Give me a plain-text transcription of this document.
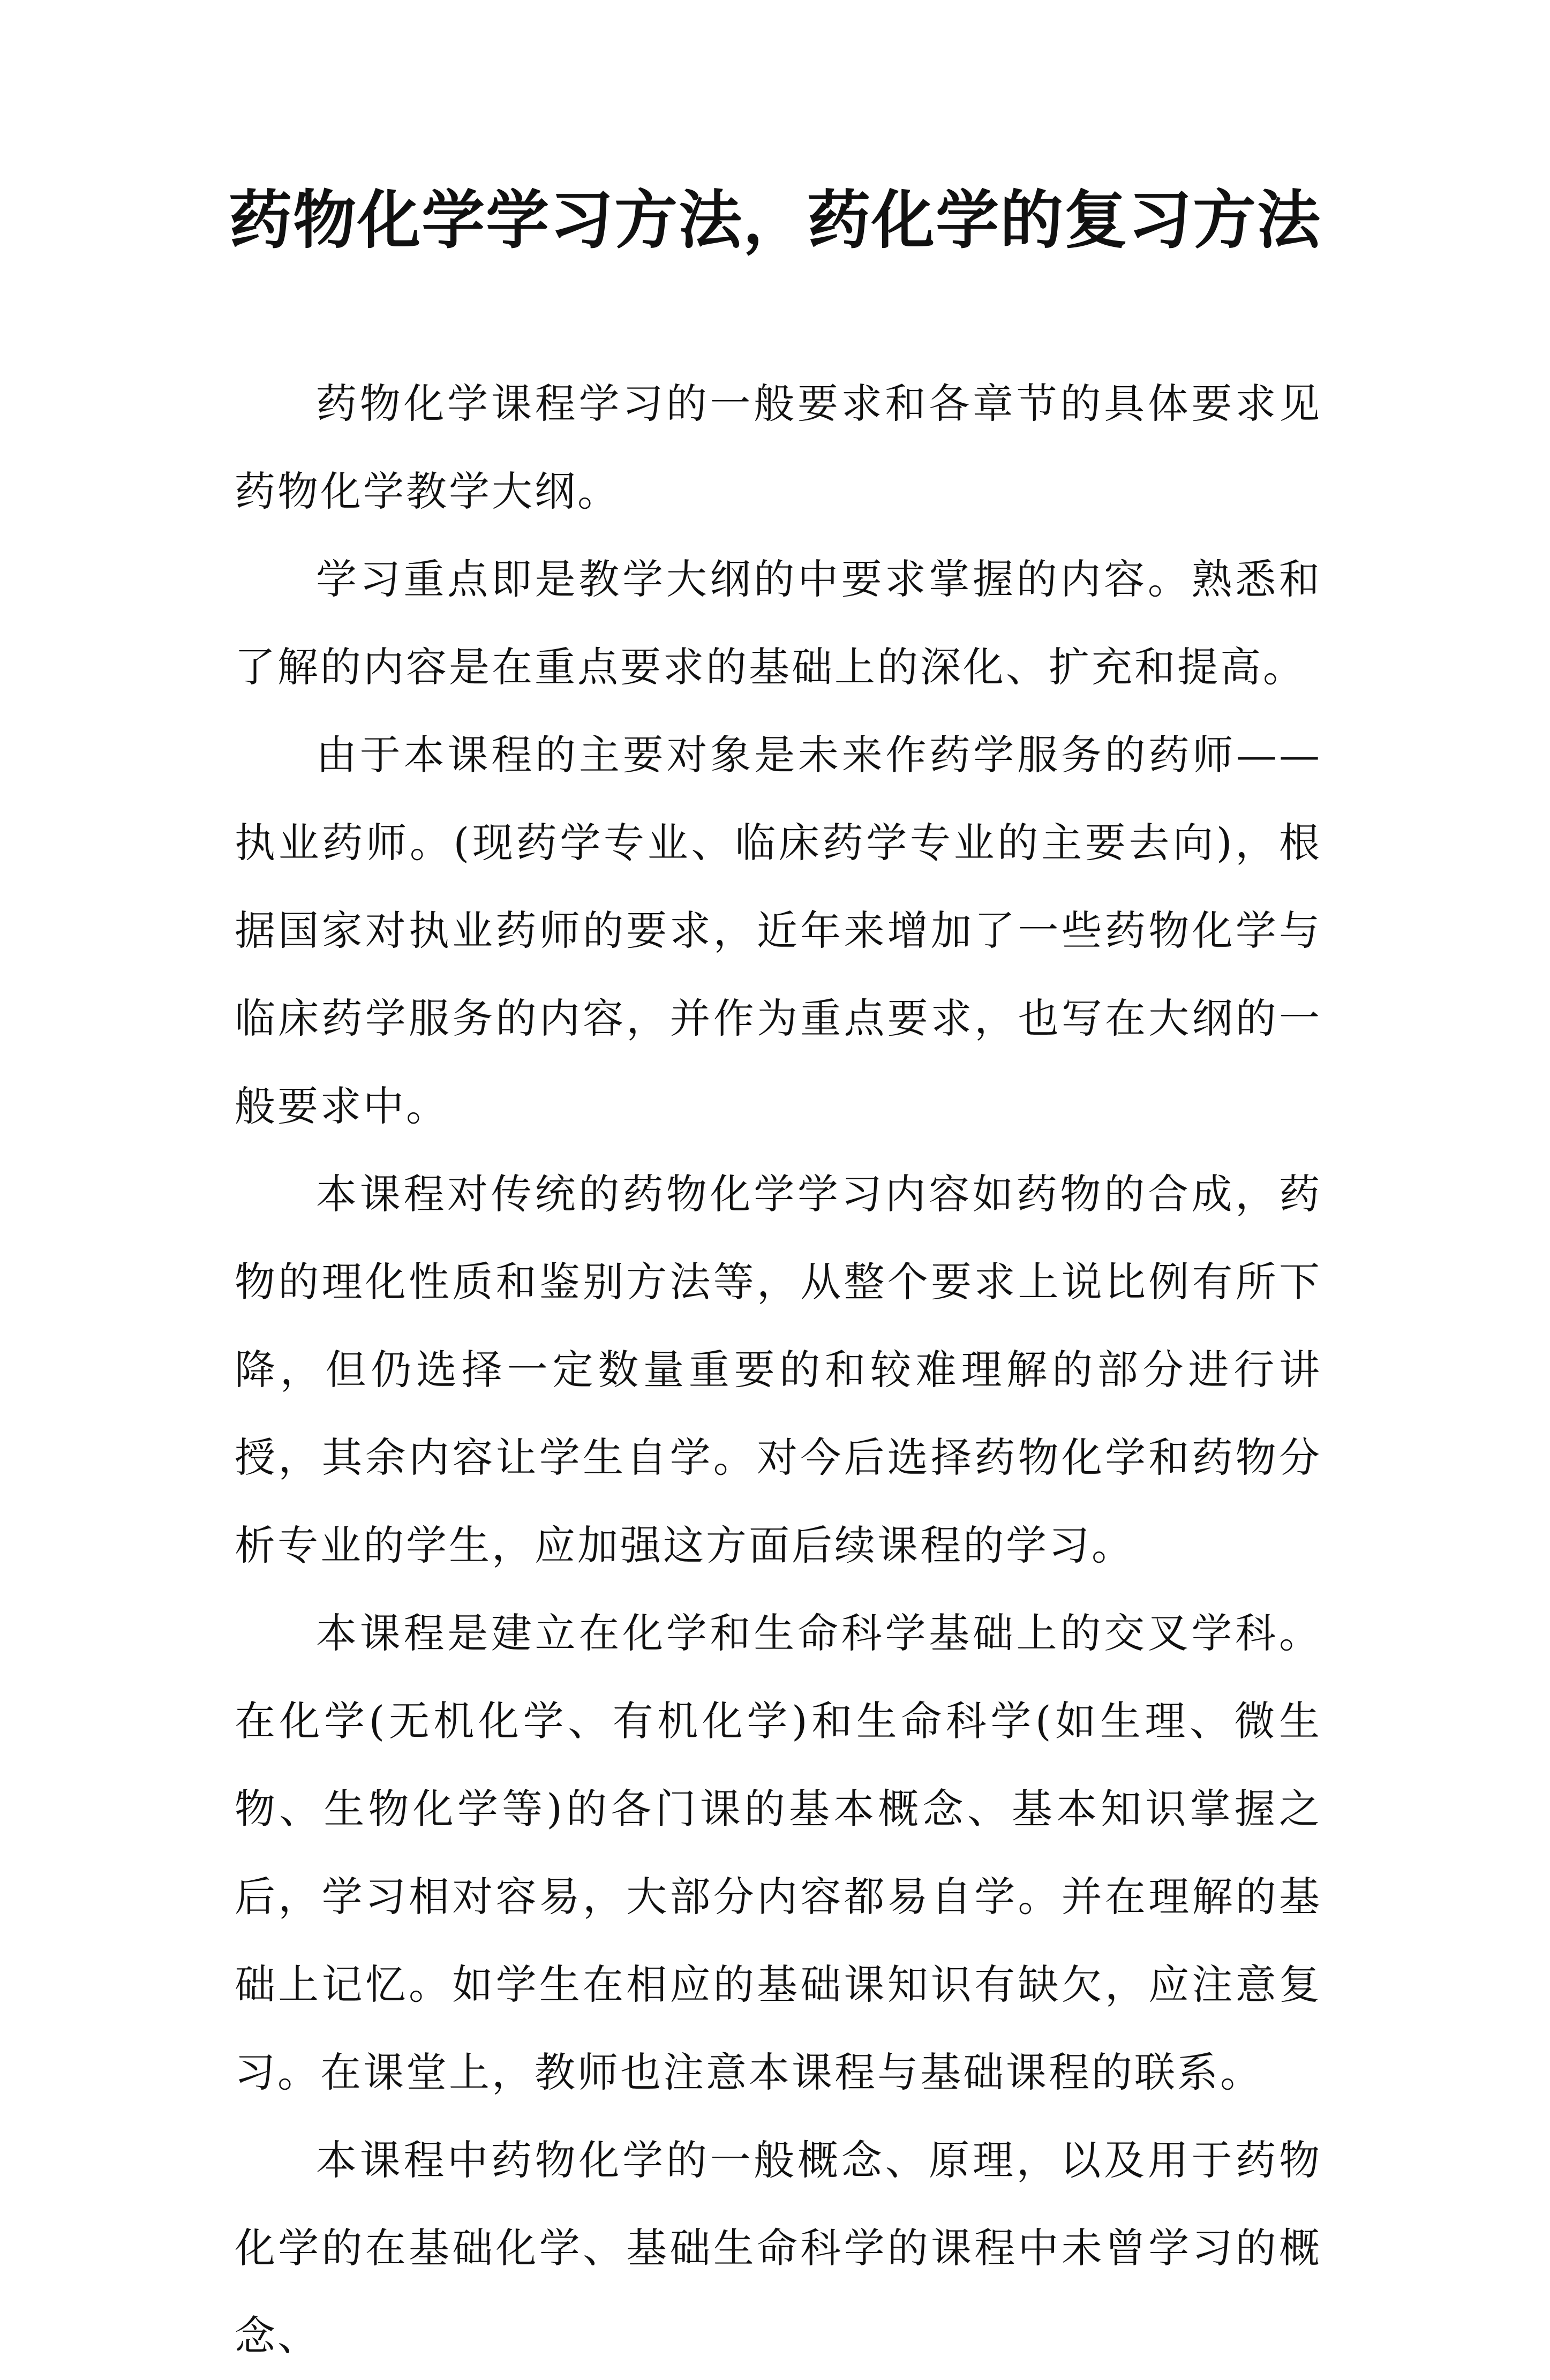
药物化学学习方法，药化学的复习方法

药物化学课程学习的一般要求和各章节的具体要求见药物化学教学大纲。

学习重点即是教学大纲的中要求掌握的内容。熟悉和了解的内容是在重点要求的基础上的深化、扩充和提高。

由于本课程的主要对象是未来作药学服务的药师——执业药师。(现药学专业、临床药学专业的主要去向)，根据国家对执业药师的要求，近年来增加了一些药物化学与临床药学服务的内容，并作为重点要求，也写在大纲的一般要求中。

本课程对传统的药物化学学习内容如药物的合成，药物的理化性质和鉴别方法等，从整个要求上说比例有所下降，但仍选择一定数量重要的和较难理解的部分进行讲授，其余内容让学生自学。对今后选择药物化学和药物分析专业的学生，应加强这方面后续课程的学习。

本课程是建立在化学和生命科学基础上的交叉学科。在化学(无机化学、有机化学)和生命科学(如生理、微生物、生物化学等)的各门课的基本概念、基本知识掌握之后，学习相对容易，大部分内容都易自学。并在理解的基础上记忆。如学生在相应的基础课知识有缺欠，应注意复习。在课堂上，教师也注意本课程与基础课程的联系。

本课程中药物化学的一般概念、原理，以及用于药物化学的在基础化学、基础生命科学的课程中未曾学习的概念、
